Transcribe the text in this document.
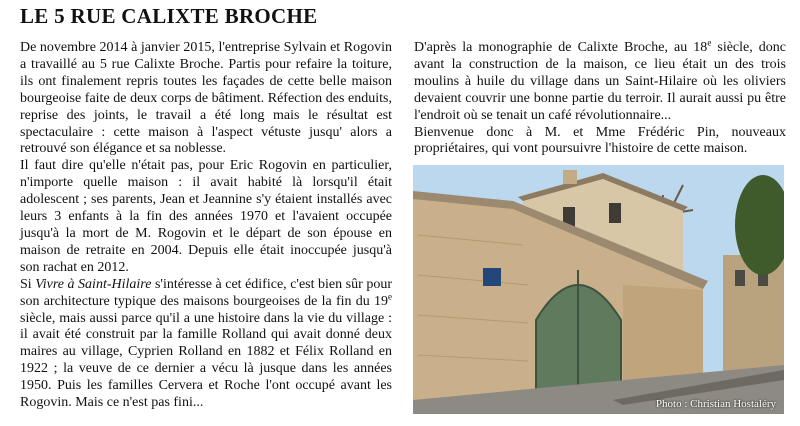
LE 5 RUE CALIXTE BROCHE

De novembre 2014 à janvier 2015, l'entreprise Sylvain et Rogovin a travaillé au 5 rue Calixte Broche. Partis pour refaire la toiture, ils ont finalement repris toutes les façades de cette belle maison bourgeoise faite de deux corps de bâtiment. Réfection des enduits, reprise des joints, le travail a été long mais le résultat est spectaculaire : cette maison à l'aspect vétuste jusqu' alors a retrouvé son élégance et sa noblesse.

Il faut dire qu'elle n'était pas, pour Eric Rogovin en particulier, n'importe quelle maison : il avait habité là lorsqu'il était adolescent ; ses parents, Jean et Jeannine s'y étaient installés avec leurs 3 enfants à la fin des années 1970 et l'avaient occupée jusqu'à la mort de M. Rogovin et le départ de son épouse en maison de retraite en 2004. Depuis elle était inoccupée jusqu'à son rachat en 2012.

Si Vivre à Saint-Hilaire s'intéresse à cet édifice, c'est bien sûr pour son architecture typique des maisons bourgeoises de la fin du 19e siècle, mais aussi parce qu'il a une histoire dans la vie du village : il avait été construit par la famille Rolland qui avait donné deux maires au village, Cyprien Rolland en 1882 et Félix Rolland en 1922 ; la veuve de ce dernier a vécu là jusque dans les années 1950. Puis les familles Cervera et Roche l'ont occupé avant les Rogovin. Mais ce n'est pas fini...

D'après la monographie de Calixte Broche, au 18e siècle, donc avant la construction de la maison, ce lieu était un des trois moulins à huile du village dans un Saint-Hilaire où les oliviers devaient couvrir une bonne partie du terroir. Il aurait aussi pu être l'endroit où se tenait un café révolutionnaire...

Bienvenue donc à M. et Mme Frédéric Pin, nouveaux propriétaires, qui vont poursuivre l'histoire de cette maison.

Photo : Christian Hostaléry
